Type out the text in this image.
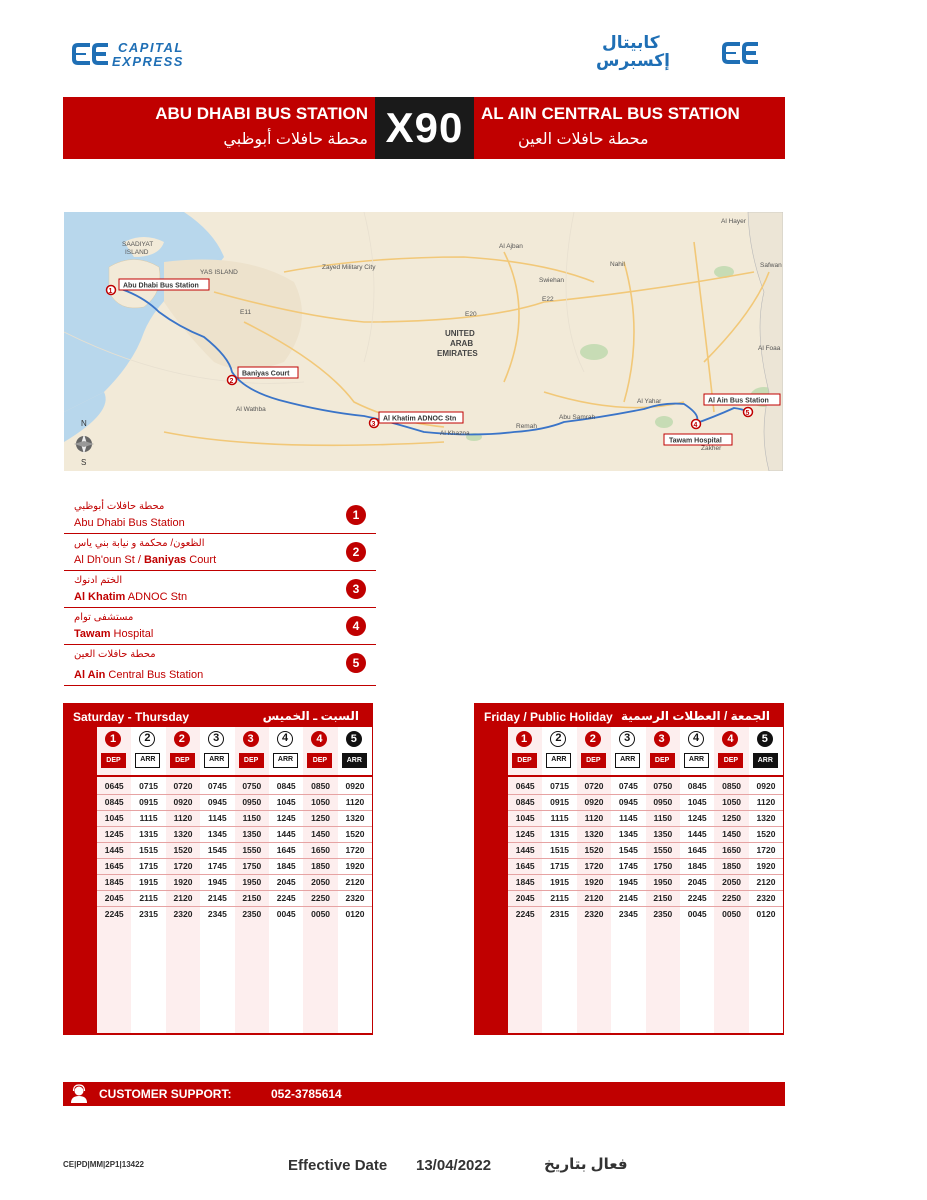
CAPITAL
EXPRESS
كابيتال
إكسبرس
ABU DHABI BUS STATION
محطة حافلات أبوظبي X90	AL AIN CENTRAL BUS STATION
محطة حافلات العين
SAADIYAT
ISLAND
YAS ISLAND
Zayed Military City
Al Ajban
Nahil
Swiehan
Al Hayer
Safwan
Al Foaa
UNITED
ARAB
EMIRATES
Al Wathba
Al Khazna
Remah
Abu Samrah
Al Yahar
Zakher
E20
E11
E22
N
S
1
Abu Dhabi Bus Station
2
Baniyas Court
3
Al Khatim ADNOC Stn
4
Tawam Hospital
5
Al Ain Bus Station
محطة حافلات أبوظبي
Abu Dhabi Bus Station
1
الظعون/ محكمة و نيابة بني ياس
Al Dh'oun St / Baniyas Court
2
الختم ادنوك
Al Khatim ADNOC Stn
3
مستشفى توام
Tawam Hospital
4
محطة حافلات العين
Al Ain Central Bus Station
5
Saturday - Thursday	السبت ـ الخميس
1
DEP
2
ARR
2
DEP
3
ARR
3
DEP
4
ARR
4
DEP
5
ARR
0645	0715	0720	0745	0750	0845	0850	0920
0845	0915	0920	0945	0950	1045	1050	1120
1045	1115	1120	1145	1150	1245	1250	1320
1245	1315	1320	1345	1350	1445	1450	1520
1445	1515	1520	1545	1550	1645	1650	1720
1645	1715	1720	1745	1750	1845	1850	1920
1845	1915	1920	1945	1950	2045	2050	2120
2045	2115	2120	2145	2150	2245	2250	2320
2245	2315	2320	2345	2350	0045	0050	0120
Friday / Public Holiday الجمعة / العطلات الرسمية
1
DEP
2
ARR
2
DEP
3
ARR
3
DEP
4
ARR
4
DEP
5
ARR
0645	0715	0720	0745	0750	0845	0850	0920
0845	0915	0920	0945	0950	1045	1050	1120
1045	1115	1120	1145	1150	1245	1250	1320
1245	1315	1320	1345	1350	1445	1450	1520
1445	1515	1520	1545	1550	1645	1650	1720
1645	1715	1720	1745	1750	1845	1850	1920
1845	1915	1920	1945	1950	2045	2050	2120
2045	2115	2120	2145	2150	2245	2250	2320
2245	2315	2320	2345	2350	0045	0050	0120
CUSTOMER SUPPORT:	052-3785614
CE|PD|MM|2P1|13422	Effective Date 13/04/2022	فعال بتاريخ
